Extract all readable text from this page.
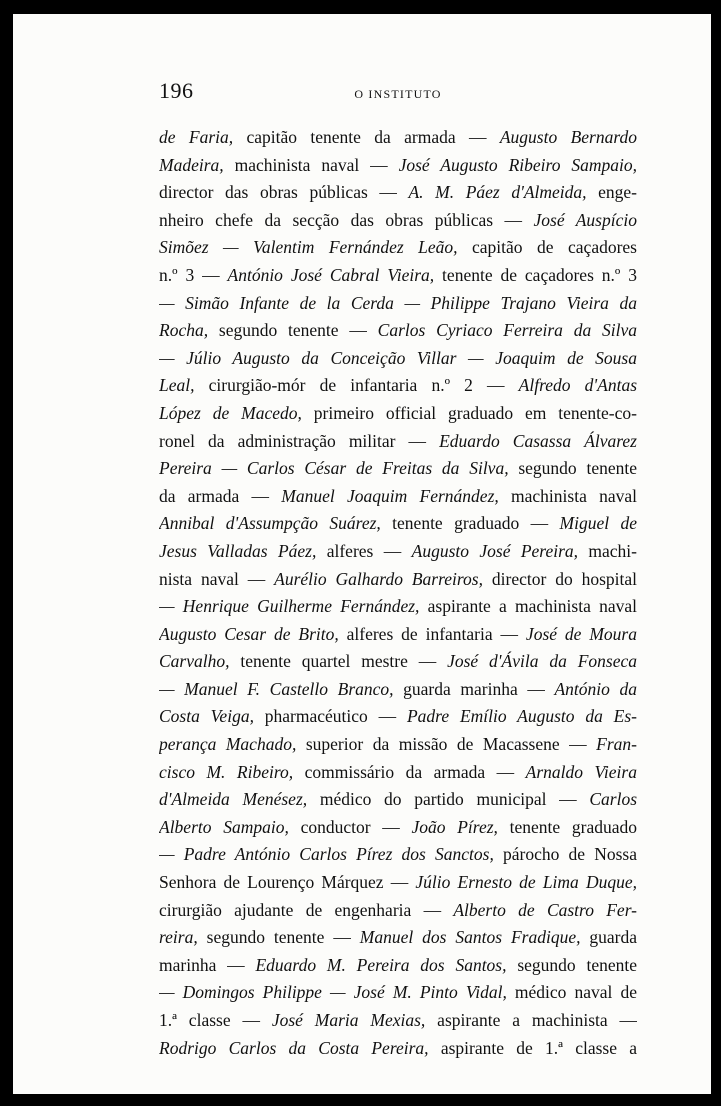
196	O INSTITUTO
de Faria, capitão tenente da armada — Augusto Bernardo
Madeira, machinista naval — José Augusto Ribeiro Sampaio,
director das obras públicas — A. M. Páez d'Almeida, enge-
nheiro chefe da secção das obras públicas — José Auspício
Simõez — Valentim Fernández Leão, capitão de caçadores
n.º 3 — António José Cabral Vieira, tenente de caçadores n.º 3
— Simão Infante de la Cerda — Philippe Trajano Vieira da
Rocha, segundo tenente — Carlos Cyriaco Ferreira da Silva
— Júlio Augusto da Conceição Villar — Joaquim de Sousa
Leal, cirurgião-mór de infantaria n.º 2 — Alfredo d'Antas
López de Macedo, primeiro official graduado em tenente-co-
ronel da administração militar — Eduardo Casassa Álvarez
Pereira — Carlos César de Freitas da Silva, segundo tenente
da armada — Manuel Joaquim Fernández, machinista naval
Annibal d'Assumpção Suárez, tenente graduado — Miguel de
Jesus Valladas Páez, alferes — Augusto José Pereira, machi-
nista naval — Aurélio Galhardo Barreiros, director do hospital
— Henrique Guilherme Fernández, aspirante a machinista naval
Augusto Cesar de Brito, alferes de infantaria — José de Moura
Carvalho, tenente quartel mestre — José d'Ávila da Fonseca
— Manuel F. Castello Branco, guarda marinha — António da
Costa Veiga, pharmacéutico — Padre Emílio Augusto da Es-
perança Machado, superior da missão de Macassene — Fran-
cisco M. Ribeiro, commissário da armada — Arnaldo Vieira
d'Almeida Menésez, médico do partido municipal — Carlos
Alberto Sampaio, conductor — João Pírez, tenente graduado
— Padre António Carlos Pírez dos Sanctos, párocho de Nossa
Senhora de Lourenço Márquez — Júlio Ernesto de Lima Duque,
cirurgião ajudante de engenharia — Alberto de Castro Fer-
reira, segundo tenente — Manuel dos Santos Fradique, guarda
marinha — Eduardo M. Pereira dos Santos, segundo tenente
— Domingos Philippe — José M. Pinto Vidal, médico naval de
1.ª classe — José Maria Mexias, aspirante a machinista —
Rodrigo Carlos da Costa Pereira, aspirante de 1.ª classe a
